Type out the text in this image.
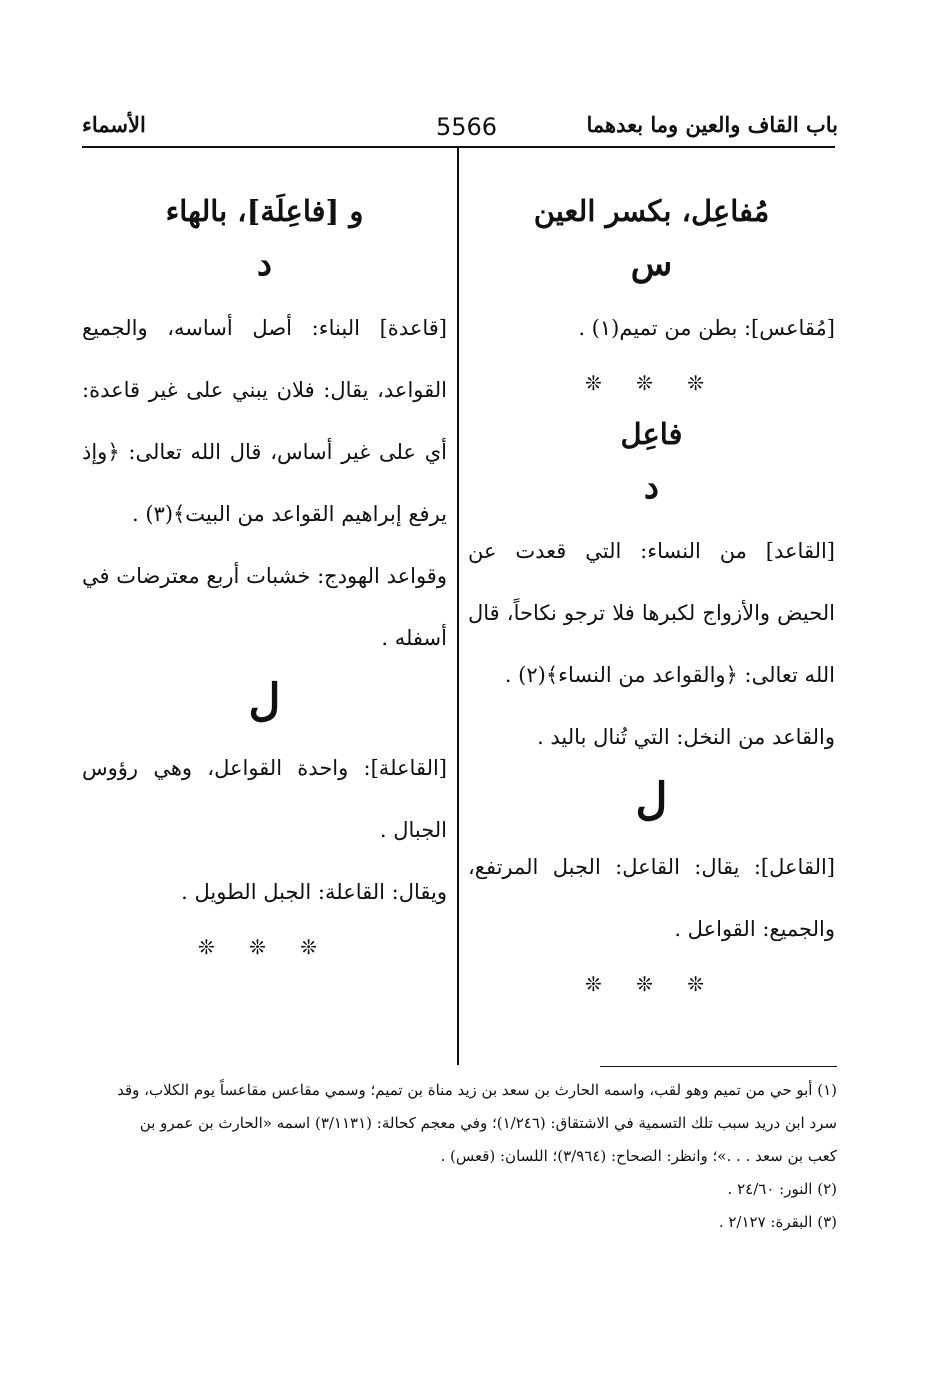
باب القاف والعين وما بعدهما
5566
الأسماء
مُفاعِل، بكسر العين
س

[مُقاعس]: بطن من تميم(١) .

❊ ❊ ❊
فاعِل
د

[القاعد] من النساء: التي قعدت عن الحيض والأزواج لكبرها فلا ترجو نكاحاً، قال الله تعالى: ﴿والقواعد من النساء﴾(٢) .

والقاعد من النخل: التي تُنال باليد .

ل

[القاعل]: يقال: القاعل: الجبل المرتفع، والجميع: القواعل .

❊ ❊ ❊
و [فاعِلَة]، بالهاء
د

[قاعدة] البناء: أصل أساسه، والجميع القواعد، يقال: فلان يبني على غير قاعدة: أي على غير أساس، قال الله تعالى: ﴿وإذ يرفع إبراهيم القواعد من البيت﴾(٣) .

وقواعد الهودج: خشبات أربع معترضات في أسفله .

ل

[القاعلة]: واحدة القواعل، وهي رؤوس الجبال .

ويقال: القاعلة: الجبل الطويل .

❊ ❊ ❊

(١) أبو حي من تميم وهو لقب، واسمه الحارث بن سعد بن زيد مناة بن تميم؛ وسمي مقاعس مقاعساً يوم الكلاب، وقد سرد ابن دريد سبب تلك التسمية في الاشتقاق: (١/٢٤٦)؛ وفي معجم كحالة: (٣/١١٣١) اسمه «الحارث بن عمرو بن كعب بن سعد . . .»؛ وانظر: الصحاح: (٣/٩٦٤)؛ اللسان: (قعس) .

(٢) النور: ٢٤/٦٠ .

(٣) البقرة: ٢/١٢٧ .
